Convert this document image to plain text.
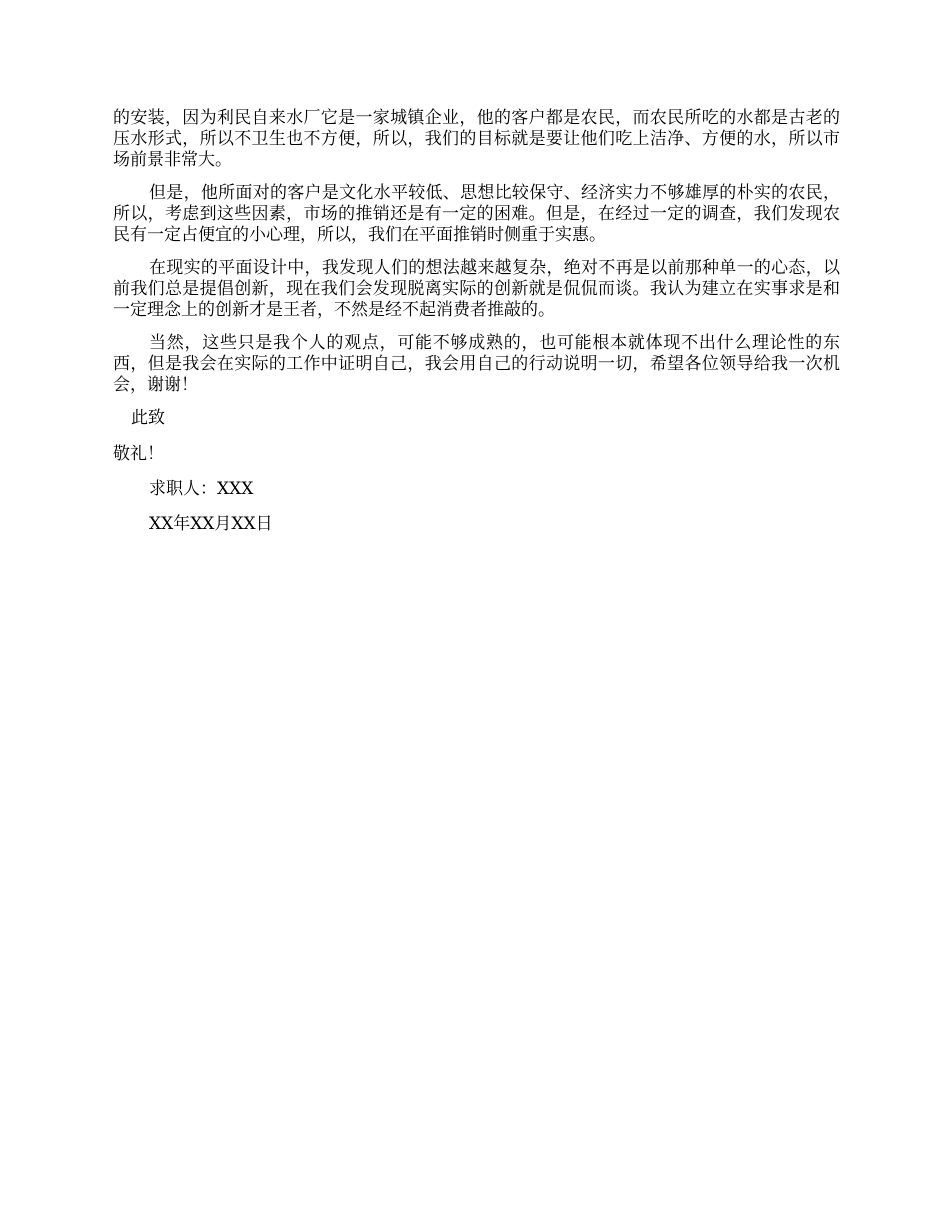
的安装，因为利民自来水厂它是一家城镇企业，他的客户都是农民，而农民所吃的水都是古老的压水形式，所以不卫生也不方便，所以，我们的目标就是要让他们吃上洁净、方便的水，所以市场前景非常大。

但是，他所面对的客户是文化水平较低、思想比较保守、经济实力不够雄厚的朴实的农民，所以，考虑到这些因素，市场的推销还是有一定的困难。但是，在经过一定的调查，我们发现农民有一定占便宜的小心理，所以，我们在平面推销时侧重于实惠。

在现实的平面设计中，我发现人们的想法越来越复杂，绝对不再是以前那种单一的心态，以前我们总是提倡创新，现在我们会发现脱离实际的创新就是侃侃而谈。我认为建立在实事求是和一定理念上的创新才是王者，不然是经不起消费者推敲的。

当然，这些只是我个人的观点，可能不够成熟的，也可能根本就体现不出什么理论性的东西，但是我会在实际的工作中证明自己，我会用自己的行动说明一切，希望各位领导给我一次机会，谢谢！

此致

敬礼！

求职人：XXX

XX年XX月XX日
